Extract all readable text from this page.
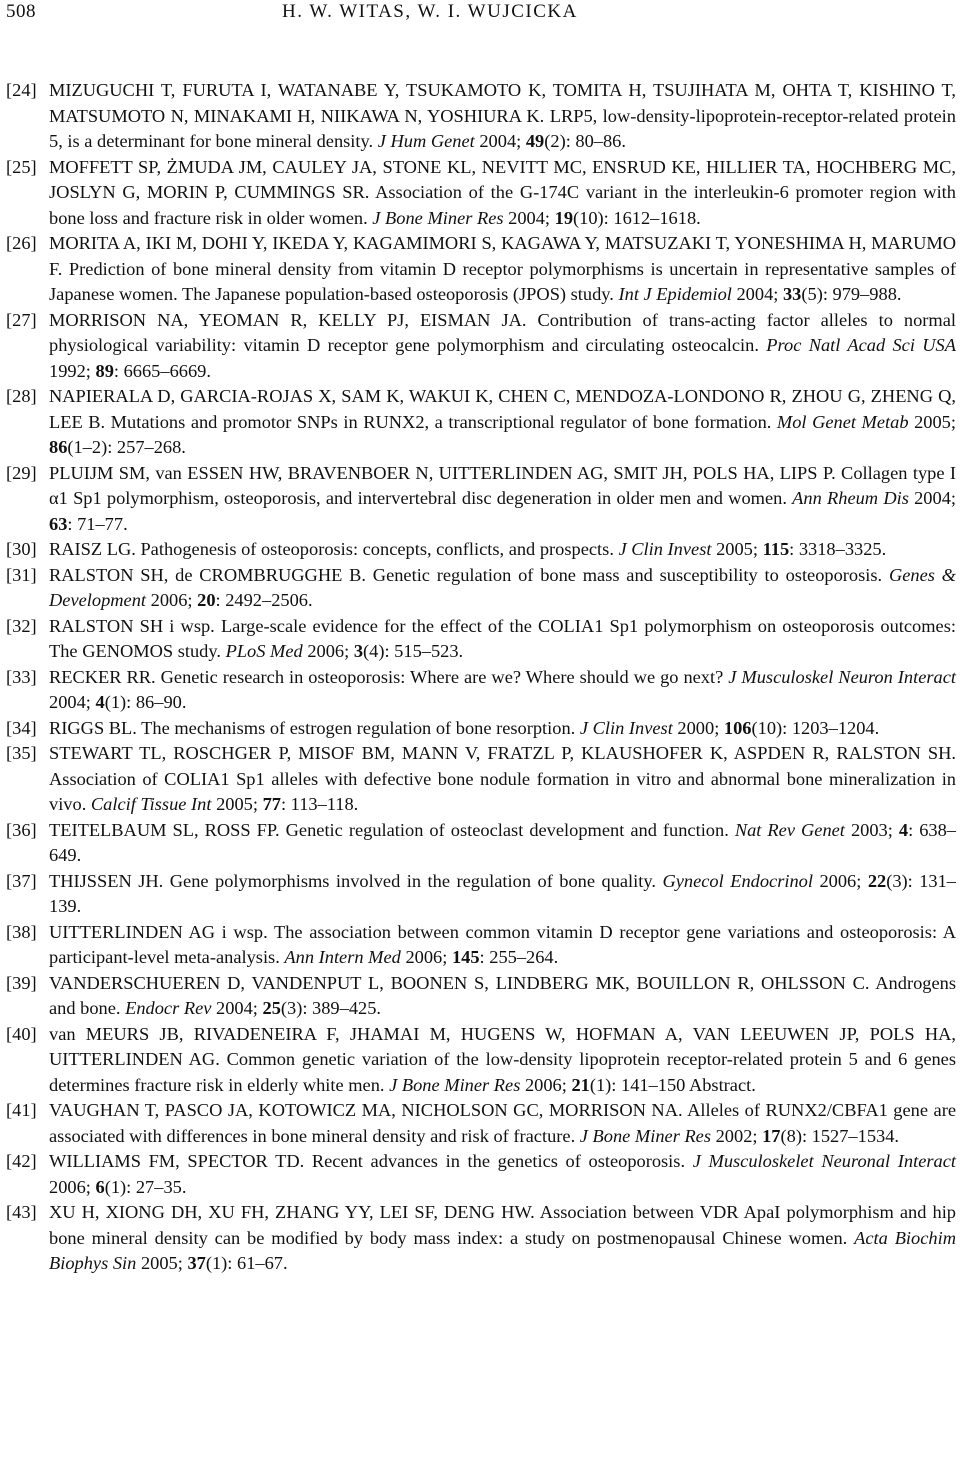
508	H. W. WITAS, W. I. WUJCICKA
[24] MIZUGUCHI T, FURUTA I, WATANABE Y, TSUKAMOTO K, TOMITA H, TSUJIHATA M, OHTA T, KISHINO T, MATSUMOTO N, MINAKAMI H, NIIKAWA N, YOSHIURA K. LRP5, low-density-lipoprotein-receptor-related protein 5, is a determinant for bone mineral density. J Hum Genet 2004; 49(2): 80–86.
[25] MOFFETT SP, ŻMUDA JM, CAULEY JA, STONE KL, NEVITT MC, ENSRUD KE, HILLIER TA, HOCHBERG MC, JOSLYN G, MORIN P, CUMMINGS SR. Association of the G-174C variant in the interleukin-6 promoter region with bone loss and fracture risk in older women. J Bone Miner Res 2004; 19(10): 1612–1618.
[26] MORITA A, IKI M, DOHI Y, IKEDA Y, KAGAMIMORI S, KAGAWA Y, MATSUZAKI T, YONESHIMA H, MARUMO F. Prediction of bone mineral density from vitamin D receptor polymorphisms is uncertain in representative samples of Japanese women. The Japanese population-based osteoporosis (JPOS) study. Int J Epidemiol 2004; 33(5): 979–988.
[27] MORRISON NA, YEOMAN R, KELLY PJ, EISMAN JA. Contribution of trans-acting factor alleles to normal physiological variability: vitamin D receptor gene polymorphism and circulating osteocalcin. Proc Natl Acad Sci USA 1992; 89: 6665–6669.
[28] NAPIERALA D, GARCIA-ROJAS X, SAM K, WAKUI K, CHEN C, MENDOZA-LONDONO R, ZHOU G, ZHENG Q, LEE B. Mutations and promotor SNPs in RUNX2, a transcriptional regulator of bone formation. Mol Genet Metab 2005; 86(1–2): 257–268.
[29] PLUIJM SM, van ESSEN HW, BRAVENBOER N, UITTERLINDEN AG, SMIT JH, POLS HA, LIPS P. Collagen type I α1 Sp1 polymorphism, osteoporosis, and intervertebral disc degeneration in older men and women. Ann Rheum Dis 2004; 63: 71–77.
[30] RAISZ LG. Pathogenesis of osteoporosis: concepts, conflicts, and prospects. J Clin Invest 2005; 115: 3318–3325.
[31] RALSTON SH, de CROMBRUGGHE B. Genetic regulation of bone mass and susceptibility to osteoporosis. Genes & Development 2006; 20: 2492–2506.
[32] RALSTON SH i wsp. Large-scale evidence for the effect of the COLIA1 Sp1 polymorphism on osteoporosis outcomes: The GENOMOS study. PLoS Med 2006; 3(4): 515–523.
[33] RECKER RR. Genetic research in osteoporosis: Where are we? Where should we go next? J Musculoskel Neuron Interact 2004; 4(1): 86–90.
[34] RIGGS BL. The mechanisms of estrogen regulation of bone resorption. J Clin Invest 2000; 106(10): 1203–1204.
[35] STEWART TL, ROSCHGER P, MISOF BM, MANN V, FRATZL P, KLAUSHOFER K, ASPDEN R, RALSTON SH. Association of COLIA1 Sp1 alleles with defective bone nodule formation in vitro and abnormal bone mineralization in vivo. Calcif Tissue Int 2005; 77: 113–118.
[36] TEITELBAUM SL, ROSS FP. Genetic regulation of osteoclast development and function. Nat Rev Genet 2003; 4: 638–649.
[37] THIJSSEN JH. Gene polymorphisms involved in the regulation of bone quality. Gynecol Endocrinol 2006; 22(3): 131–139.
[38] UITTERLINDEN AG i wsp. The association between common vitamin D receptor gene variations and osteoporosis: A participant-level meta-analysis. Ann Intern Med 2006; 145: 255–264.
[39] VANDERSCHUEREN D, VANDENPUT L, BOONEN S, LINDBERG MK, BOUILLON R, OHLSSON C. Androgens and bone. Endocr Rev 2004; 25(3): 389–425.
[40] van MEURS JB, RIVADENEIRA F, JHAMAI M, HUGENS W, HOFMAN A, VAN LEEUWEN JP, POLS HA, UITTERLINDEN AG. Common genetic variation of the low-density lipoprotein receptor-related protein 5 and 6 genes determines fracture risk in elderly white men. J Bone Miner Res 2006; 21(1): 141–150 Abstract.
[41] VAUGHAN T, PASCO JA, KOTOWICZ MA, NICHOLSON GC, MORRISON NA. Alleles of RUNX2/CBFA1 gene are associated with differences in bone mineral density and risk of fracture. J Bone Miner Res 2002; 17(8): 1527–1534.
[42] WILLIAMS FM, SPECTOR TD. Recent advances in the genetics of osteoporosis. J Musculoskelet Neuronal Interact 2006; 6(1): 27–35.
[43] XU H, XIONG DH, XU FH, ZHANG YY, LEI SF, DENG HW. Association between VDR ApaI polymorphism and hip bone mineral density can be modified by body mass index: a study on postmenopausal Chinese women. Acta Biochim Biophys Sin 2005; 37(1): 61–67.
